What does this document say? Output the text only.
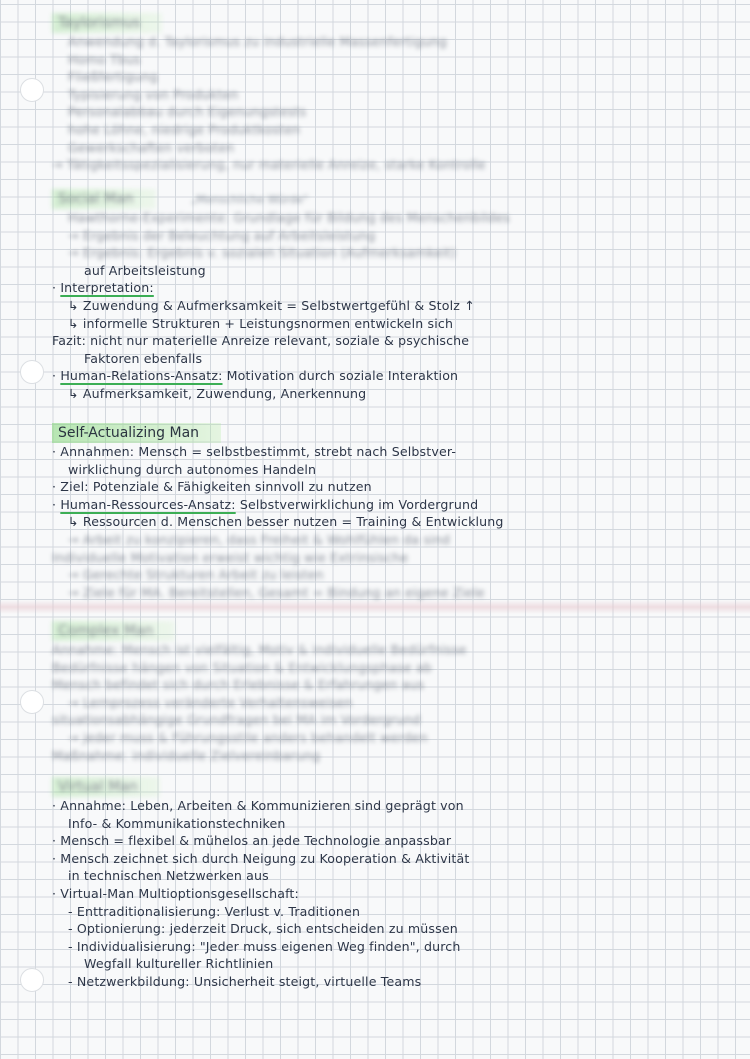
Taylorismus
Anwendung d. Taylorismus zu industrielle Massenfertigung
Homo Tbus
Fließfertigung
Typisierung von Produkten
Personalabbau durch Eigenungstests
hohe Löhne, niedrige Produktkosten
Gewerkschaften verboten
→ Tätigkeitsspezialisierung, nur materielle Anreize, starke Kontrolle
Social Man	„Menschliche Würde"
Hawthorne-Experimente: Grundlage für Bildung des Menschenbildes
→ Ergebnis der Beleuchtung auf Arbeitsleistung
→ Ergebnis: Ergebnis v. sozialen Situation (Aufmerksamkeit)
auf Arbeitsleistung
· Interpretation:
↳ Zuwendung & Aufmerksamkeit = Selbstwertgefühl & Stolz ↑
↳ informelle Strukturen + Leistungsnormen entwickeln sich
Fazit: nicht nur materielle Anreize relevant, soziale & psychische
Faktoren ebenfalls
· Human-Relations-Ansatz: Motivation durch soziale Interaktion
↳ Aufmerksamkeit, Zuwendung, Anerkennung
Self-Actualizing Man
· Annahmen: Mensch = selbstbestimmt, strebt nach Selbstver-
wirklichung durch autonomes Handeln
· Ziel: Potenziale & Fähigkeiten sinnvoll zu nutzen
· Human-Ressources-Ansatz: Selbstverwirklichung im Vordergrund
↳ Ressourcen d. Menschen besser nutzen = Training & Entwicklung
→ Arbeit zu konzipieren, dass Freiheit & Wohlfühlen da sind
Individuelle Motivation erweist wichtig wie Extrinsische
→ Gerechte Strukturen Arbeit zu leisten
→ Ziele für MA. Bereitstellen, Gesamt = Bindung an eigene Ziele
Complex Man
Annahme: Mensch ist vielfältig, Motiv & individuelle Bedürfnisse
Bedürfnisse hängen von Situation & Entwicklungsphase ab
Mensch befindet sich durch Erlebnisse & Erfahrungen aus
→ Lernprozess veränderte Verhaltensweisen
situationsabhängige Grundfragen bei MA im Vordergrund
→ jeder muss & Führungsstile anders behandelt werden
Maßnahme: individuelle Zielvereinbarung
Virtual Man
· Annahme: Leben, Arbeiten & Kommunizieren sind geprägt von
Info- & Kommunikationstechniken
· Mensch = flexibel & mühelos an jede Technologie anpassbar
· Mensch zeichnet sich durch Neigung zu Kooperation & Aktivität
in technischen Netzwerken aus
· Virtual-Man Multioptionsgesellschaft:
- Enttraditionalisierung: Verlust v. Traditionen
- Optionierung: jederzeit Druck, sich entscheiden zu müssen
- Individualisierung: "Jeder muss eigenen Weg finden", durch
Wegfall kultureller Richtlinien
- Netzwerkbildung: Unsicherheit steigt, virtuelle Teams
